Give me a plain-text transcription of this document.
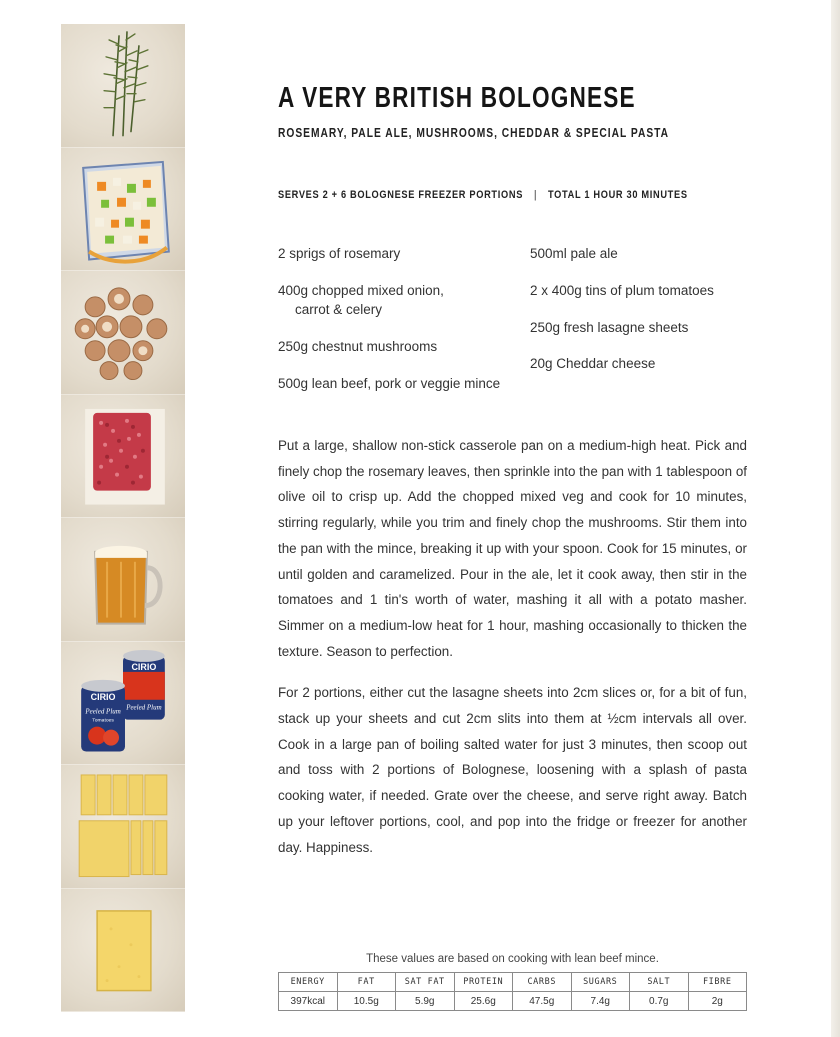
CIRIO
Peeled Plum
CIRIO
Peeled Plum
Tomatoes
A VERY BRITISH BOLOGNESE
ROSEMARY, PALE ALE, MUSHROOMS, CHEDDAR & SPECIAL PASTA
SERVES 2 + 6 BOLOGNESE FREEZER PORTIONS | TOTAL 1 HOUR 30 MINUTES
2 sprigs of rosemary
400g chopped mixed onion,
carrot & celery
250g chestnut mushrooms
500g lean beef, pork or veggie mince
500ml pale ale
2 x 400g tins of plum tomatoes
250g fresh lasagne sheets
20g Cheddar cheese

Put a large, shallow non-stick casserole pan on a medium-high heat. Pick and finely chop the rosemary leaves, then sprinkle into the pan with 1 tablespoon of olive oil to crisp up. Add the chopped mixed veg and cook for 10 minutes, stirring regularly, while you trim and finely chop the mushrooms. Stir them into the pan with the mince, breaking it up with your spoon. Cook for 15 minutes, or until golden and caramelized. Pour in the ale, let it cook away, then stir in the tomatoes and 1 tin's worth of water, mashing it all with a potato masher. Simmer on a medium-low heat for 1 hour, mashing occasionally to thicken the texture. Season to perfection.

For 2 portions, either cut the lasagne sheets into 2cm slices or, for a bit of fun, stack up your sheets and cut 2cm slits into them at ½cm intervals all over. Cook in a large pan of boiling salted water for just 3 minutes, then scoop out and toss with 2 portions of Bolognese, loosening with a splash of pasta cooking water, if needed. Grate over the cheese, and serve right away. Batch up your leftover portions, cool, and pop into the fridge or freezer for another day. Happiness.

These values are based on cooking with lean beef mince.
ENERGY	FAT	SAT FAT	PROTEIN	CARBS	SUGARS	SALT	FIBRE
397kcal	10.5g	5.9g	25.6g	47.5g	7.4g	0.7g	2g
